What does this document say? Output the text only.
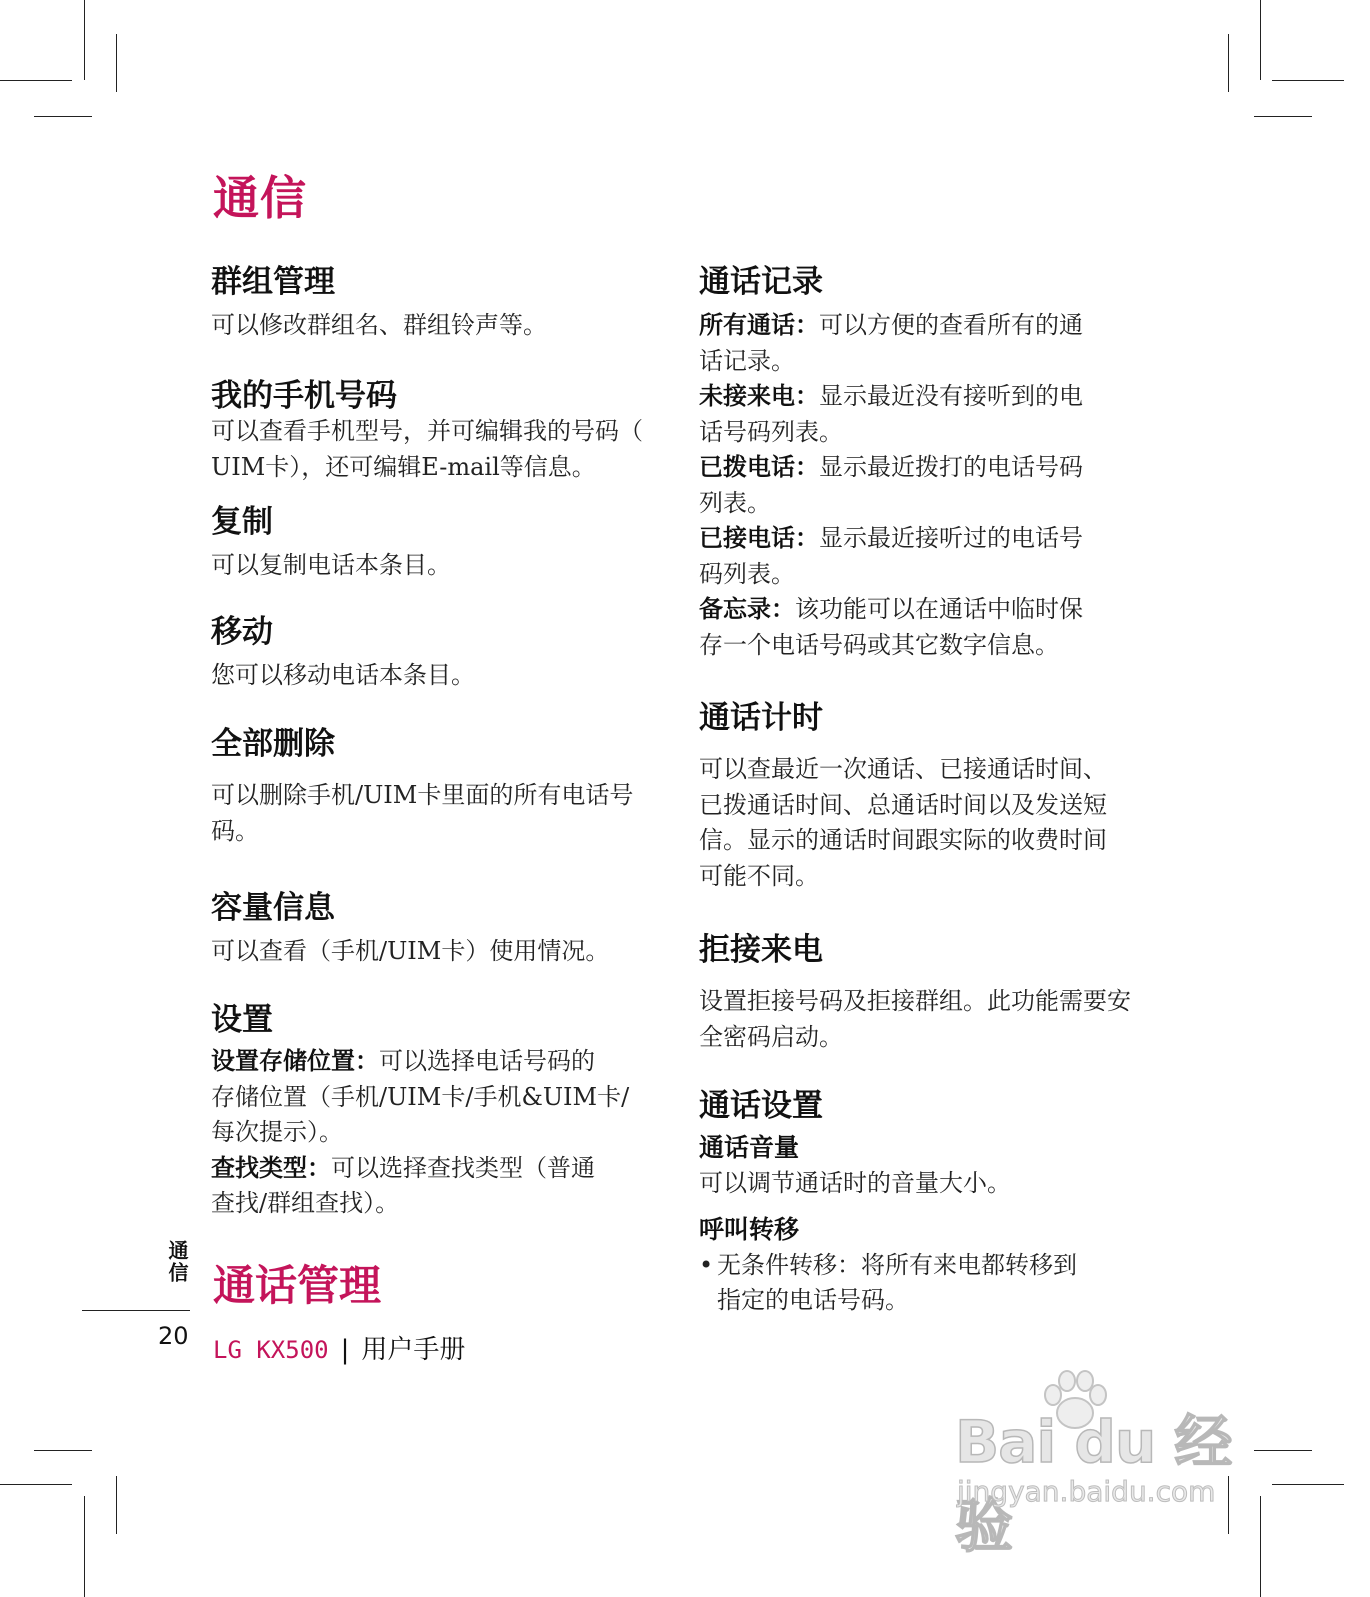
通信
群组管理

可以修改群组名、群组铃声等。

我的手机号码

可以查看手机型号，并可编辑我的号码（

UIM卡），还可编辑E-mail等信息。

复制

可以复制电话本条目。

移动

您可以移动电话本条目。

全部删除

可以删除手机/UIM卡里面的所有电话号

码。

容量信息

可以查看（手机/UIM卡）使用情况。

设置

设置存储位置：可以选择电话号码的

存储位置（手机/UIM卡/手机&UIM卡/

每次提示）。

查找类型：可以选择查找类型（普通

查找/群组查找）。

通话记录

所有通话：可以方便的查看所有的通

话记录。

未接来电：显示最近没有接听到的电

话号码列表。

已拨电话：显示最近拨打的电话号码

列表。

已接电话：显示最近接听过的电话号

码列表。

备忘录：该功能可以在通话中临时保

存一个电话号码或其它数字信息。

通话计时

可以查最近一次通话、已接通话时间、

已拨通话时间、总通话时间以及发送短

信。显示的通话时间跟实际的收费时间

可能不同。

拒接来电

设置拒接号码及拒接群组。此功能需要安

全密码启动。

通话设置
通话音量

可以调节通话时的音量大小。

呼叫转移
• 无条件转移：将所有来电都转移到
指定的电话号码。
通信
20
通话管理
LG KX500 | 用户手册
Bai du 经验
jingyan.baidu.com
